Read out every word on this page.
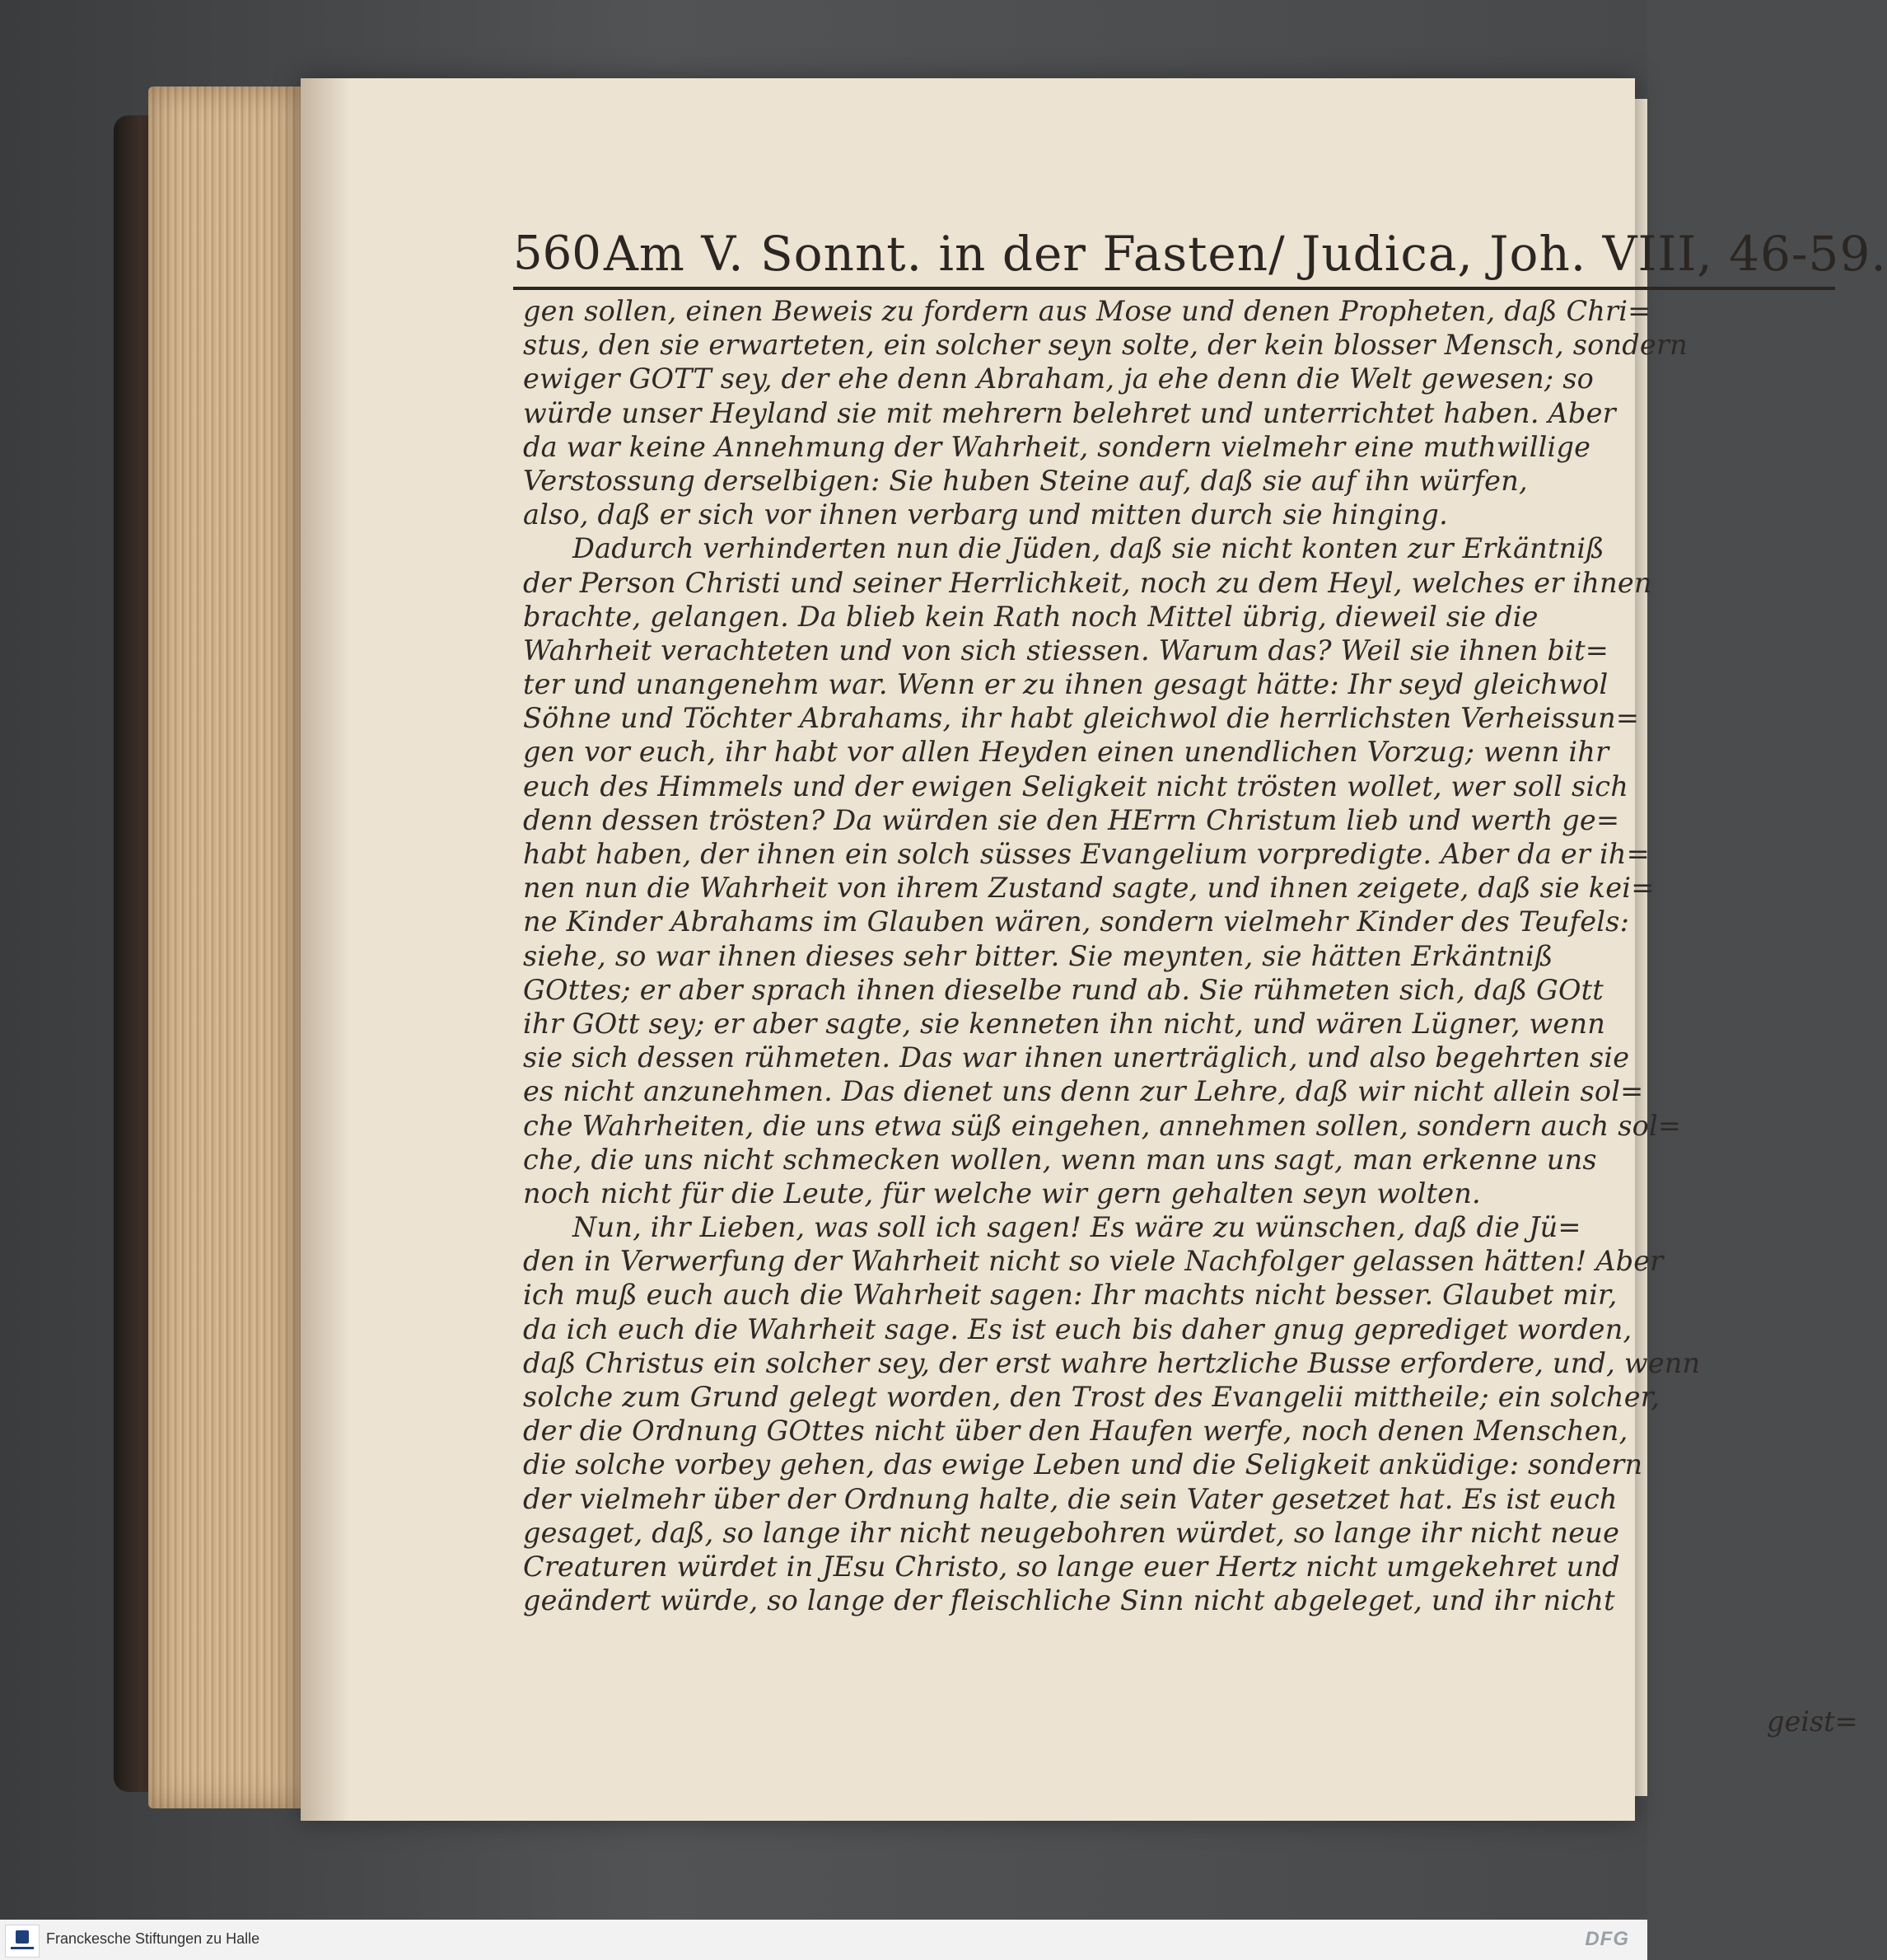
560 Am V. Sonnt. in der Fasten/ Judica, Joh. VIII, 46-59.
gen sollen, einen Beweis zu fordern aus Mose und denen Propheten, daß Chri=
stus, den sie erwarteten, ein solcher seyn solte, der kein blosser Mensch, sondern
ewiger GOTT sey, der ehe denn Abraham, ja ehe denn die Welt gewesen; so
würde unser Heyland sie mit mehrern belehret und unterrichtet haben. Aber
da war keine Annehmung der Wahrheit, sondern vielmehr eine muthwillige
Verstossung derselbigen: Sie huben Steine auf, daß sie auf ihn würfen,
also, daß er sich vor ihnen verbarg und mitten durch sie hinging.
Dadurch verhinderten nun die Jüden, daß sie nicht konten zur Erkäntniß
der Person Christi und seiner Herrlichkeit, noch zu dem Heyl, welches er ihnen
brachte, gelangen. Da blieb kein Rath noch Mittel übrig, dieweil sie die
Wahrheit verachteten und von sich stiessen. Warum das? Weil sie ihnen bit=
ter und unangenehm war. Wenn er zu ihnen gesagt hätte: Ihr seyd gleichwol
Söhne und Töchter Abrahams, ihr habt gleichwol die herrlichsten Verheissun=
gen vor euch, ihr habt vor allen Heyden einen unendlichen Vorzug; wenn ihr
euch des Himmels und der ewigen Seligkeit nicht trösten wollet, wer soll sich
denn dessen trösten? Da würden sie den HErrn Christum lieb und werth ge=
habt haben, der ihnen ein solch süsses Evangelium vorpredigte. Aber da er ih=
nen nun die Wahrheit von ihrem Zustand sagte, und ihnen zeigete, daß sie kei=
ne Kinder Abrahams im Glauben wären, sondern vielmehr Kinder des Teufels:
siehe, so war ihnen dieses sehr bitter. Sie meynten, sie hätten Erkäntniß
GOttes; er aber sprach ihnen dieselbe rund ab. Sie rühmeten sich, daß GOtt
ihr GOtt sey; er aber sagte, sie kenneten ihn nicht, und wären Lügner, wenn
sie sich dessen rühmeten. Das war ihnen unerträglich, und also begehrten sie
es nicht anzunehmen. Das dienet uns denn zur Lehre, daß wir nicht allein sol=
che Wahrheiten, die uns etwa süß eingehen, annehmen sollen, sondern auch sol=
che, die uns nicht schmecken wollen, wenn man uns sagt, man erkenne uns
noch nicht für die Leute, für welche wir gern gehalten seyn wolten.
Nun, ihr Lieben, was soll ich sagen! Es wäre zu wünschen, daß die Jü=
den in Verwerfung der Wahrheit nicht so viele Nachfolger gelassen hätten! Aber
ich muß euch auch die Wahrheit sagen: Ihr machts nicht besser. Glaubet mir,
da ich euch die Wahrheit sage. Es ist euch bis daher gnug geprediget worden,
daß Christus ein solcher sey, der erst wahre hertzliche Busse erfordere, und, wenn
solche zum Grund gelegt worden, den Trost des Evangelii mittheile; ein solcher,
der die Ordnung GOttes nicht über den Haufen werfe, noch denen Menschen,
die solche vorbey gehen, das ewige Leben und die Seligkeit anküdige: sondern
der vielmehr über der Ordnung halte, die sein Vater gesetzet hat. Es ist euch
gesaget, daß, so lange ihr nicht neugebohren würdet, so lange ihr nicht neue
Creaturen würdet in JEsu Christo, so lange euer Hertz nicht umgekehret und
geändert würde, so lange der fleischliche Sinn nicht abgeleget, und ihr nicht
geist=
Franckesche Stiftungen zu Halle	DFG
